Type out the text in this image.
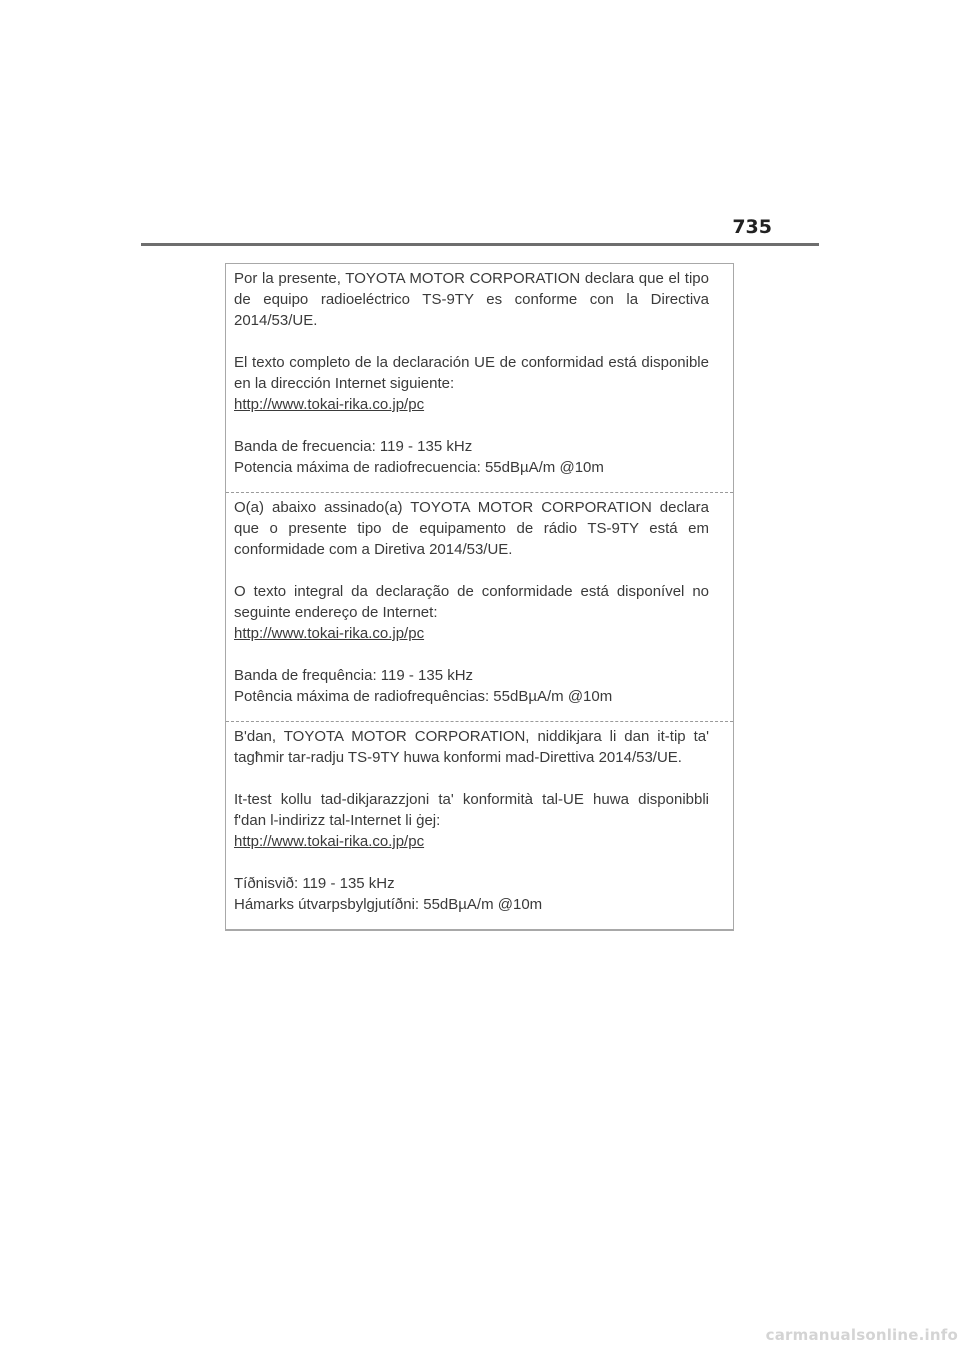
735

Por la presente, TOYOTA MOTOR CORPORATION declara que el tipo de equipo radioeléctrico TS-9TY es conforme con la Directiva 2014/53/UE.

El texto completo de la declaración UE de conformidad está disponible en la dirección Internet siguiente:
http://www.tokai-rika.co.jp/pc

Banda de frecuencia: 119 - 135 kHz
Potencia máxima de radiofrecuencia: 55dBµA/m @10m

O(a) abaixo assinado(a) TOYOTA MOTOR CORPORATION declara que o presente tipo de equipamento de rádio TS-9TY está em conformidade com a Diretiva 2014/53/UE.

O texto integral da declaração de conformidade está disponível no seguinte endereço de Internet:
http://www.tokai-rika.co.jp/pc

Banda de frequência: 119 - 135 kHz
Potência máxima de radiofrequências: 55dBµA/m @10m

B'dan, TOYOTA MOTOR CORPORATION, niddikjara li dan it-tip ta' tagħmir tar-radju TS-9TY huwa konformi mad-Direttiva 2014/53/UE.

It-test kollu tad-dikjarazzjoni ta' konformità tal-UE huwa disponibbli f'dan l-indirizz tal-Internet li ġej:
http://www.tokai-rika.co.jp/pc

Tíðnisvið: 119 - 135 kHz
Hámarks útvarpsbylgjutíðni: 55dBµA/m @10m

carmanualsonline.info
